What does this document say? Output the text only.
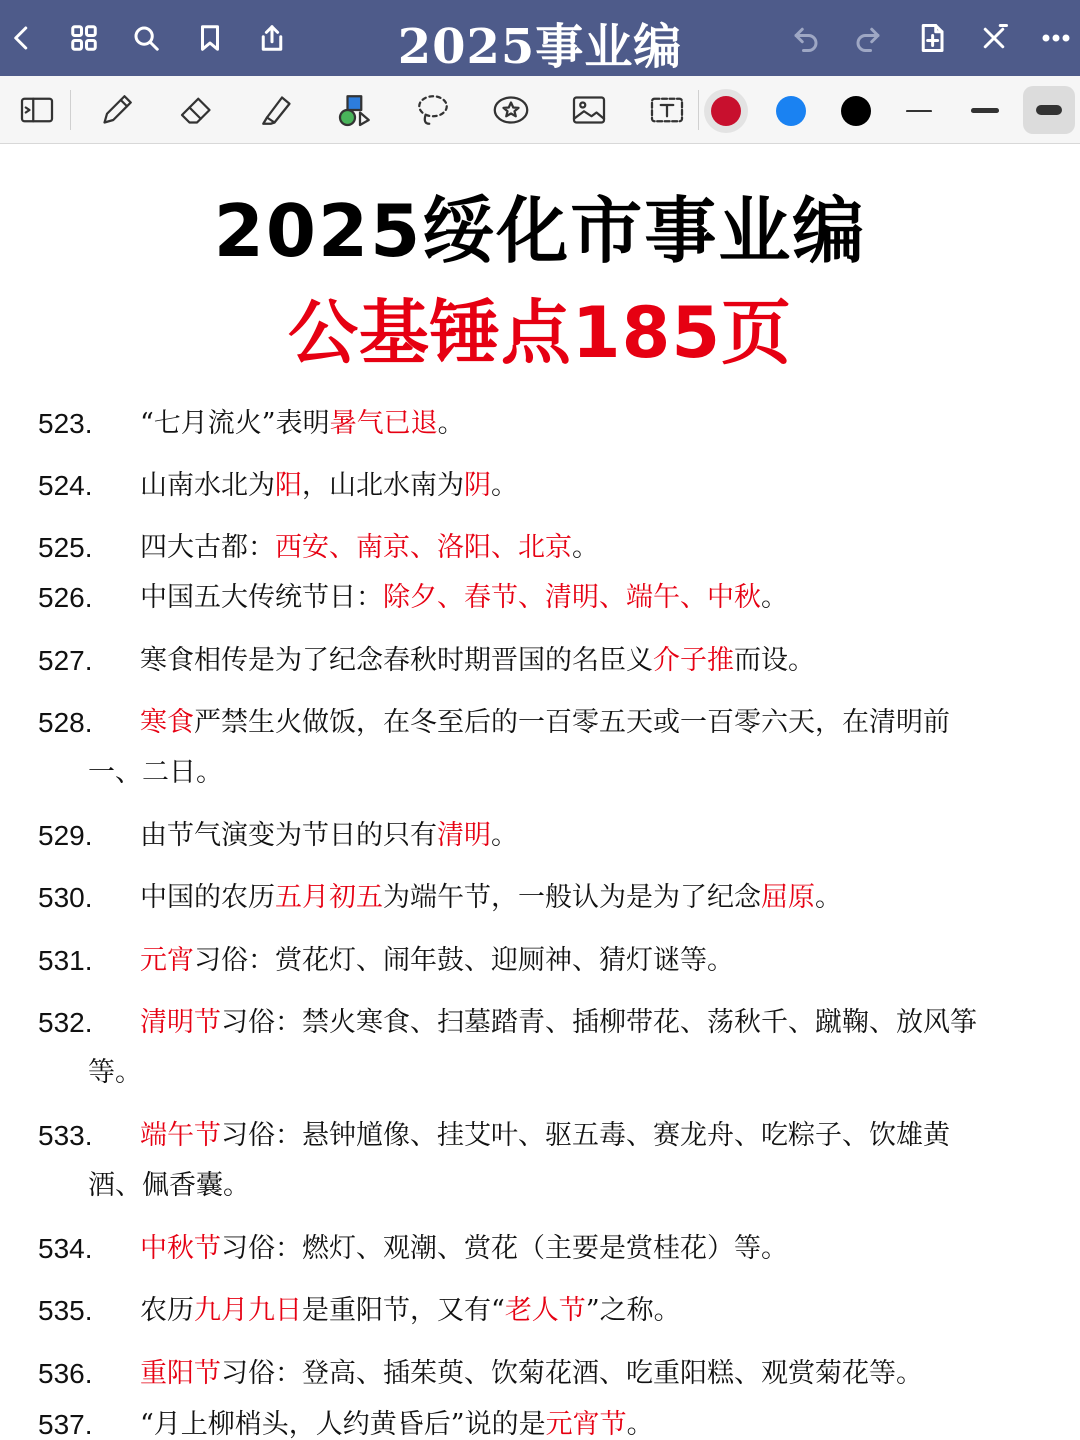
2025事业编
2025绥化市事业编
公基锤点185页
523. “七月流火”表明暑气已退。
524. 山南水北为阳，山北水南为阴。
525. 四大古都：西安、南京、洛阳、北京。
526. 中国五大传统节日：除夕、春节、清明、端午、中秋。
527. 寒食相传是为了纪念春秋时期晋国的名臣义介子推而设。
528. 寒食严禁生火做饭，在冬至后的一百零五天或一百零六天，在清明前
一、二日。
529. 由节气演变为节日的只有清明。
530. 中国的农历五月初五为端午节，一般认为是为了纪念屈原。
531. 元宵习俗：赏花灯、闹年鼓、迎厕神、猜灯谜等。
532. 清明节习俗：禁火寒食、扫墓踏青、插柳带花、荡秋千、蹴鞠、放风筝
等。
533. 端午节习俗：悬钟馗像、挂艾叶、驱五毒、赛龙舟、吃粽子、饮雄黄
酒、佩香囊。
534. 中秋节习俗：燃灯、观潮、赏花（主要是赏桂花）等。
535. 农历九月九日是重阳节，又有“老人节”之称。
536. 重阳节习俗：登高、插茱萸、饮菊花酒、吃重阳糕、观赏菊花等。
537. “月上柳梢头，人约黄昏后”说的是元宵节。
